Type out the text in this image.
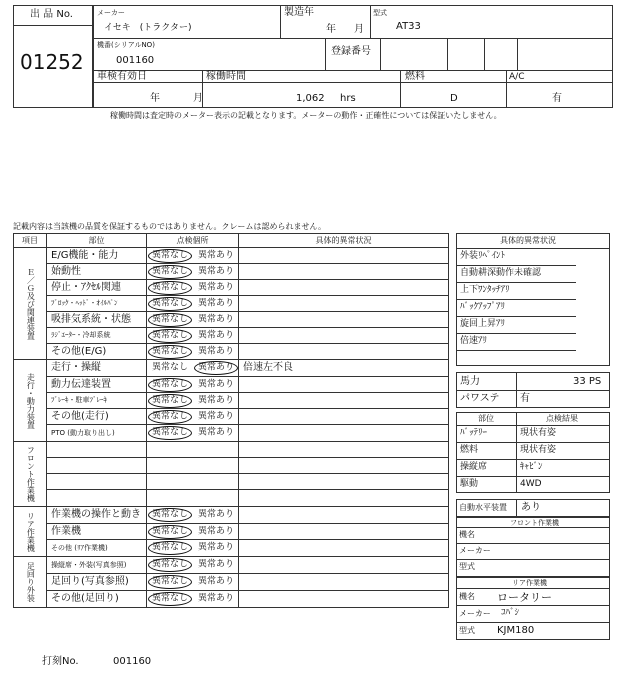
出 品 No.
01252
メーカー
イセキ　(トラクター)
製造年
年 月
型式
AT33
機番(シリアルNO)
001160
登録番号
車検有効日
年	月
稼働時間
1,062 hrs
燃料
D
A/C
有
稼働時間は査定時のメーター表示の記載となります。メーターの動作・正確性については保証いたしません。
記載内容は当該機の品質を保証するものではありません。クレームは認められません。
項目	部位	点検個所	具体的異常状況

Ｅ／Ｇ及び関連装置	E/G機能・能力	異常なし 異常あり	

	始動性	異常なし 異常あり	

	停止・ｱｸｾﾙ関連	異常なし 異常あり	

	ﾌﾞﾛｯｸ・ﾍｯﾄﾞ・ｵｲﾙﾊﾟﾝ	異常なし 異常あり	

	吸排気系統・状態	異常なし 異常あり	

	ﾗｼﾞｴｰﾀｰ・冷却系統	異常なし 異常あり	

	その他(E/G)	異常なし 異常あり	

走行・動力装置	走行・操縦	異常なし 異常あり	倍速左不良
	動力伝達装置	異常なし 異常あり	

	ﾌﾞﾚｰｷ・駐車ﾌﾞﾚｰｷ	異常なし 異常あり	

	その他(走行)	異常なし 異常あり	

	PTO (動力取り出し)	異常なし 異常あり	

フロント作業機			

リア作業機	作業機の操作と動き	異常なし 異常あり	

	作業機	異常なし 異常あり	

	その他 (ﾘｱ作業機)	異常なし 異常あり	

足回り外装	操縦席・外装(写真参照)	異常なし 異常あり	

	足回り(写真参照)	異常なし 異常あり	

	その他(足回り)	異常なし 異常あり	

具体的異常状況
外装ﾘﾍﾟｲﾝﾄ
自動耕深動作未確認
上下ﾜﾝﾀｯﾁｱﾘ
ﾊﾞｯｸｱｯﾌﾟｱﾘ
旋回上昇ｱﾘ
倍速ｱﾘ
馬力	33 PS
パワステ 有
部位	点検結果
ﾊﾞｯﾃﾘｰ	現状有姿
燃料	現状有姿
操縦席	ｷｬﾋﾞﾝ
駆動	4WD
自動水平装置 あり
フロント作業機
機名
メーカー
型式
リア作業機
機名 ロータリー
メーカー ｺﾊﾞｼ
型式 KJM180
打刻No.	001160
